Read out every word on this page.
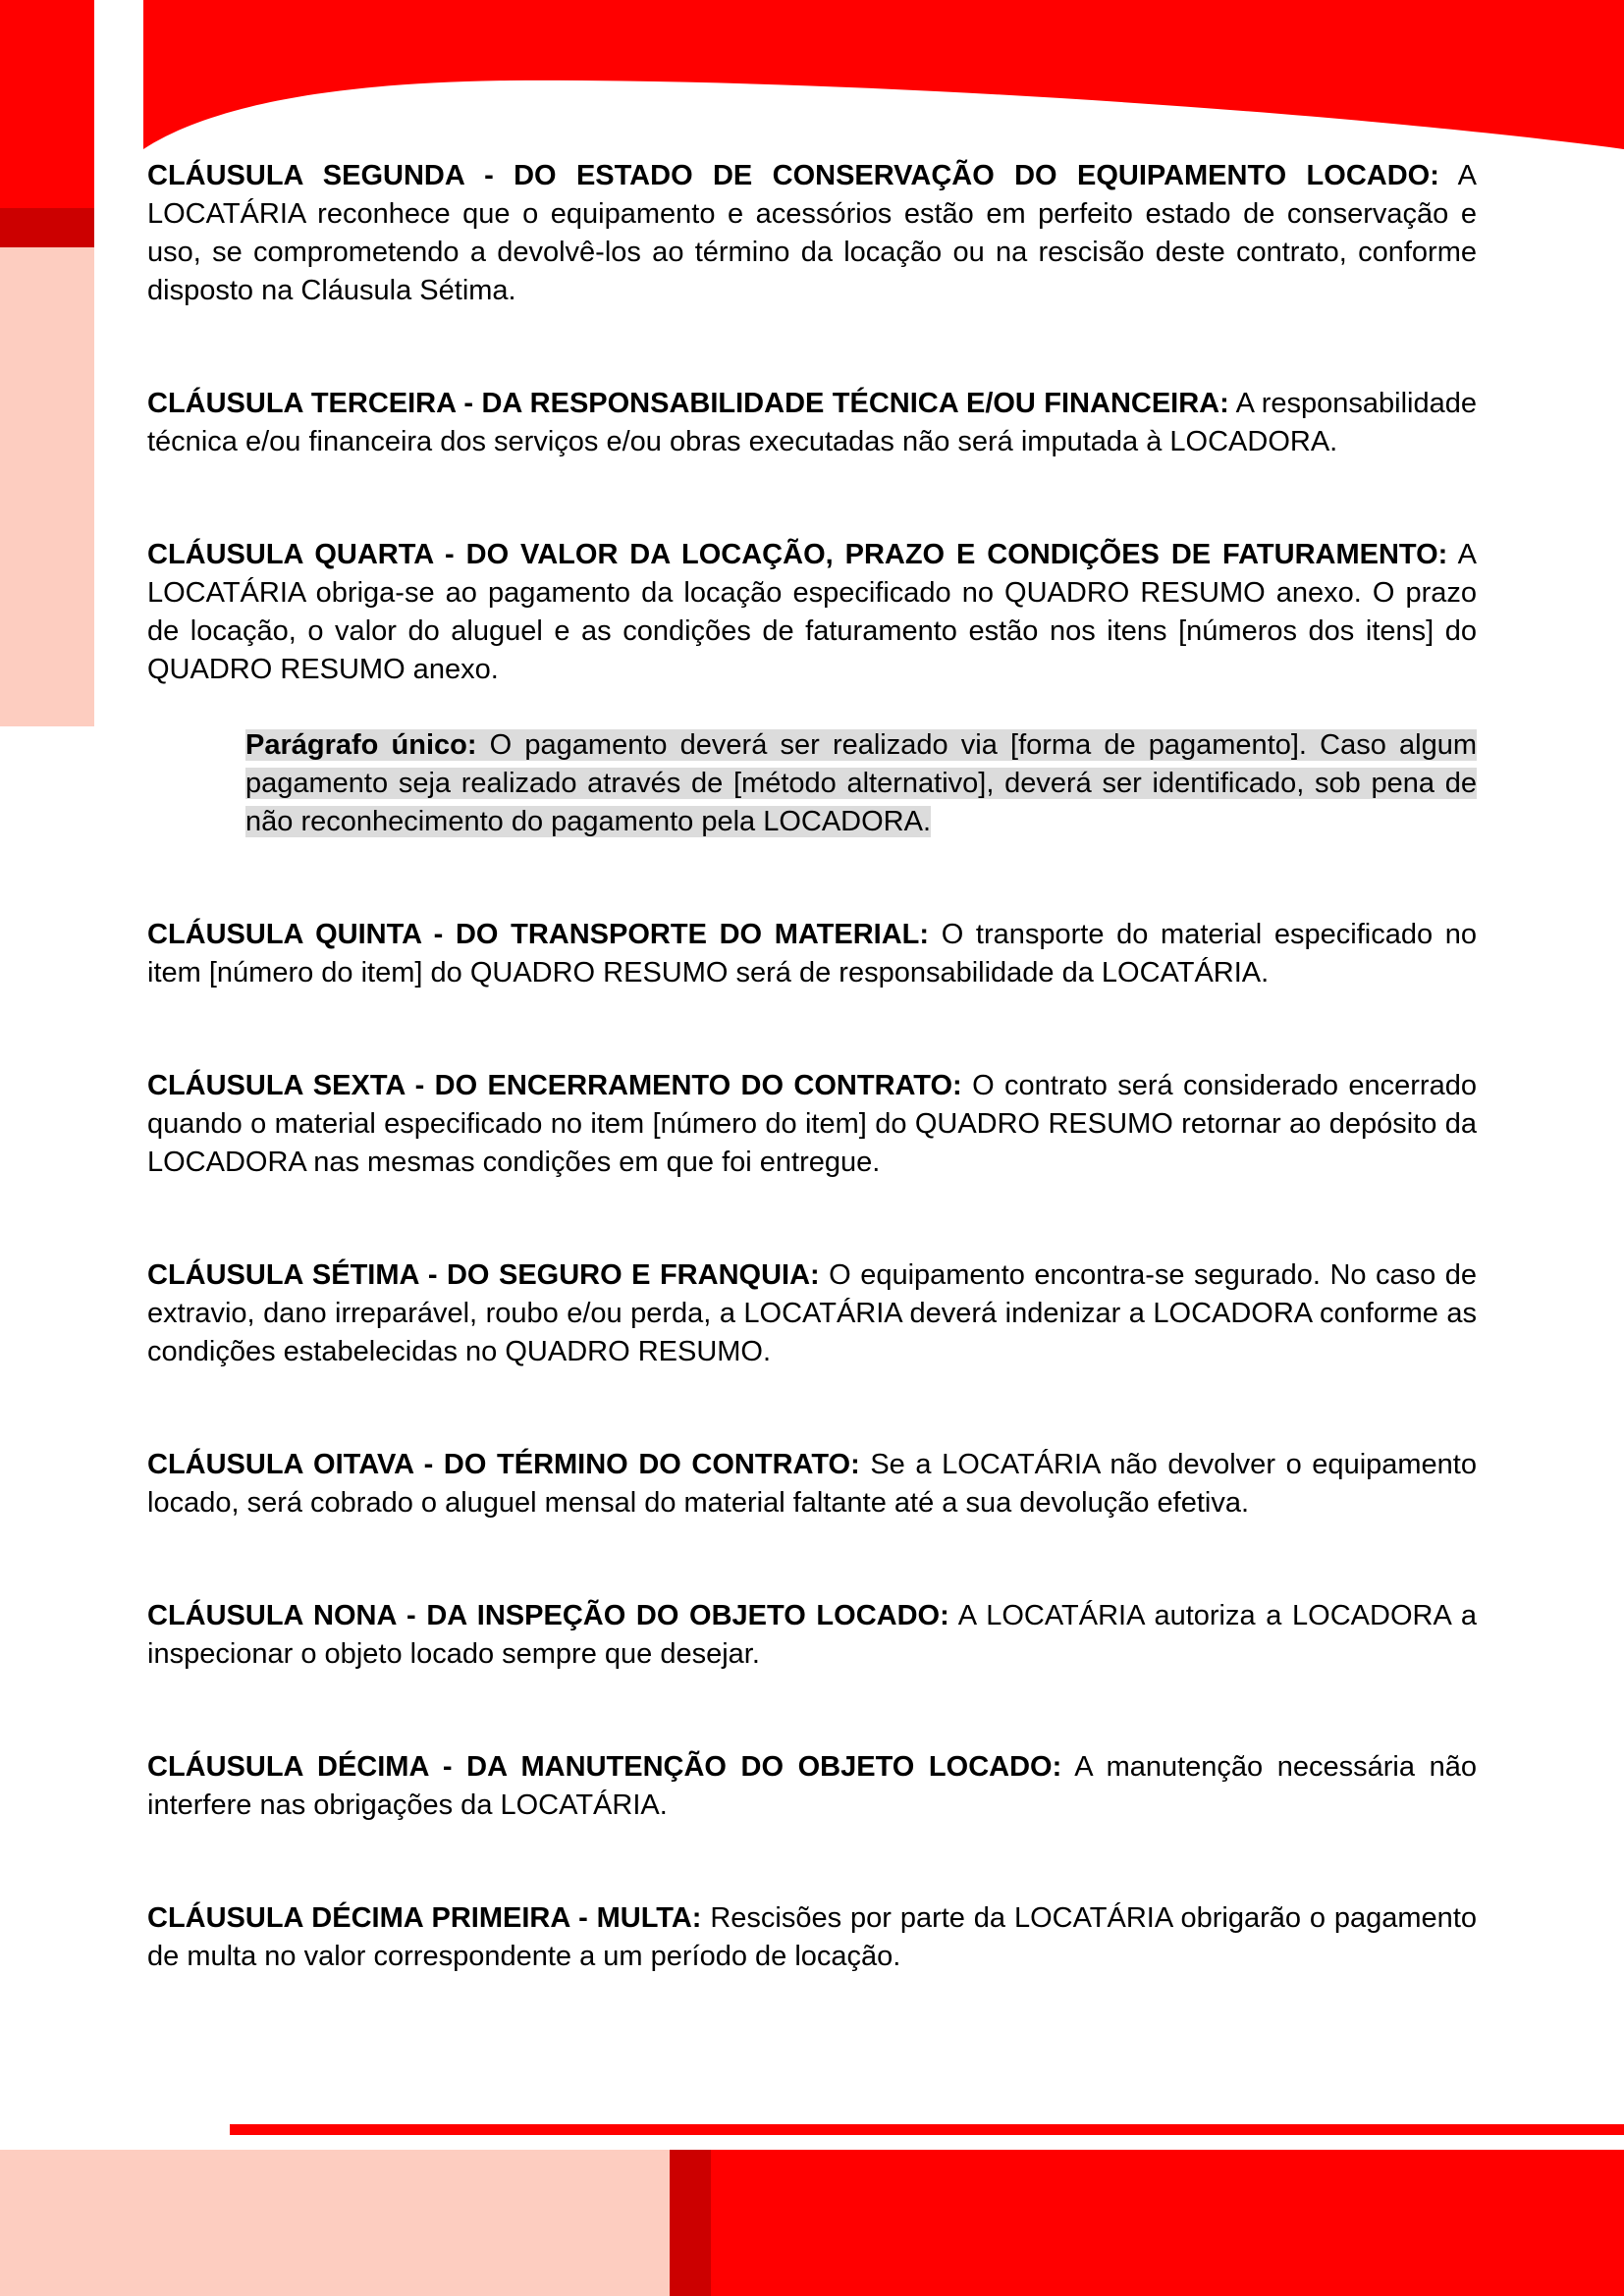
CLÁUSULA SEGUNDA - DO ESTADO DE CONSERVAÇÃO DO EQUIPAMENTO LOCADO: A LOCATÁRIA reconhece que o equipamento e acessórios estão em perfeito estado de conservação e uso, se comprometendo a devolvê-los ao término da locação ou na rescisão deste contrato, conforme disposto na Cláusula Sétima.

CLÁUSULA TERCEIRA - DA RESPONSABILIDADE TÉCNICA E/OU FINANCEIRA: A responsabilidade técnica e/ou financeira dos serviços e/ou obras executadas não será imputada à LOCADORA.

CLÁUSULA QUARTA - DO VALOR DA LOCAÇÃO, PRAZO E CONDIÇÕES DE FATURAMENTO: A LOCATÁRIA obriga-se ao pagamento da locação especificado no QUADRO RESUMO anexo. O prazo de locação, o valor do aluguel e as condições de faturamento estão nos itens [números dos itens] do QUADRO RESUMO anexo.

Parágrafo único: O pagamento deverá ser realizado via [forma de pagamento]. Caso algum pagamento seja realizado através de [método alternativo], deverá ser identificado, sob pena de não reconhecimento do pagamento pela LOCADORA.

CLÁUSULA QUINTA - DO TRANSPORTE DO MATERIAL: O transporte do material especificado no item [número do item] do QUADRO RESUMO será de responsabilidade da LOCATÁRIA.

CLÁUSULA SEXTA - DO ENCERRAMENTO DO CONTRATO: O contrato será considerado encerrado quando o material especificado no item [número do item] do QUADRO RESUMO retornar ao depósito da LOCADORA nas mesmas condições em que foi entregue.

CLÁUSULA SÉTIMA - DO SEGURO E FRANQUIA: O equipamento encontra-se segurado. No caso de extravio, dano irreparável, roubo e/ou perda, a LOCATÁRIA deverá indenizar a LOCADORA conforme as condições estabelecidas no QUADRO RESUMO.

CLÁUSULA OITAVA - DO TÉRMINO DO CONTRATO: Se a LOCATÁRIA não devolver o equipamento locado, será cobrado o aluguel mensal do material faltante até a sua devolução efetiva.

CLÁUSULA NONA - DA INSPEÇÃO DO OBJETO LOCADO: A LOCATÁRIA autoriza a LOCADORA a inspecionar o objeto locado sempre que desejar.

CLÁUSULA DÉCIMA - DA MANUTENÇÃO DO OBJETO LOCADO: A manutenção necessária não interfere nas obrigações da LOCATÁRIA.

CLÁUSULA DÉCIMA PRIMEIRA - MULTA: Rescisões por parte da LOCATÁRIA obrigarão o pagamento de multa no valor correspondente a um período de locação.
